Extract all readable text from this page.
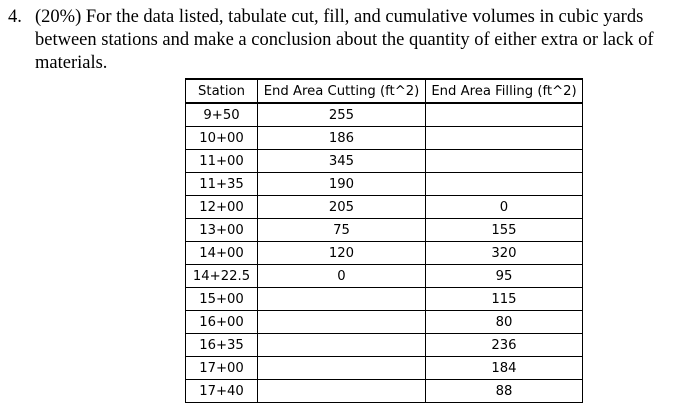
4. (20%) For the data listed, tabulate cut, fill, and cumulative volumes in cubic yards between stations and make a conclusion about the quantity of either extra or lack of materials.
Station	End Area Cutting (ft^2)	End Area Filling (ft^2)
9+50	255	
10+00	186	
11+00	345	
11+35	190	
12+00	205	0
13+00	75	155
14+00	120	320
14+22.5	0	95
15+00		115
16+00		80
16+35		236
17+00		184
17+40		88
